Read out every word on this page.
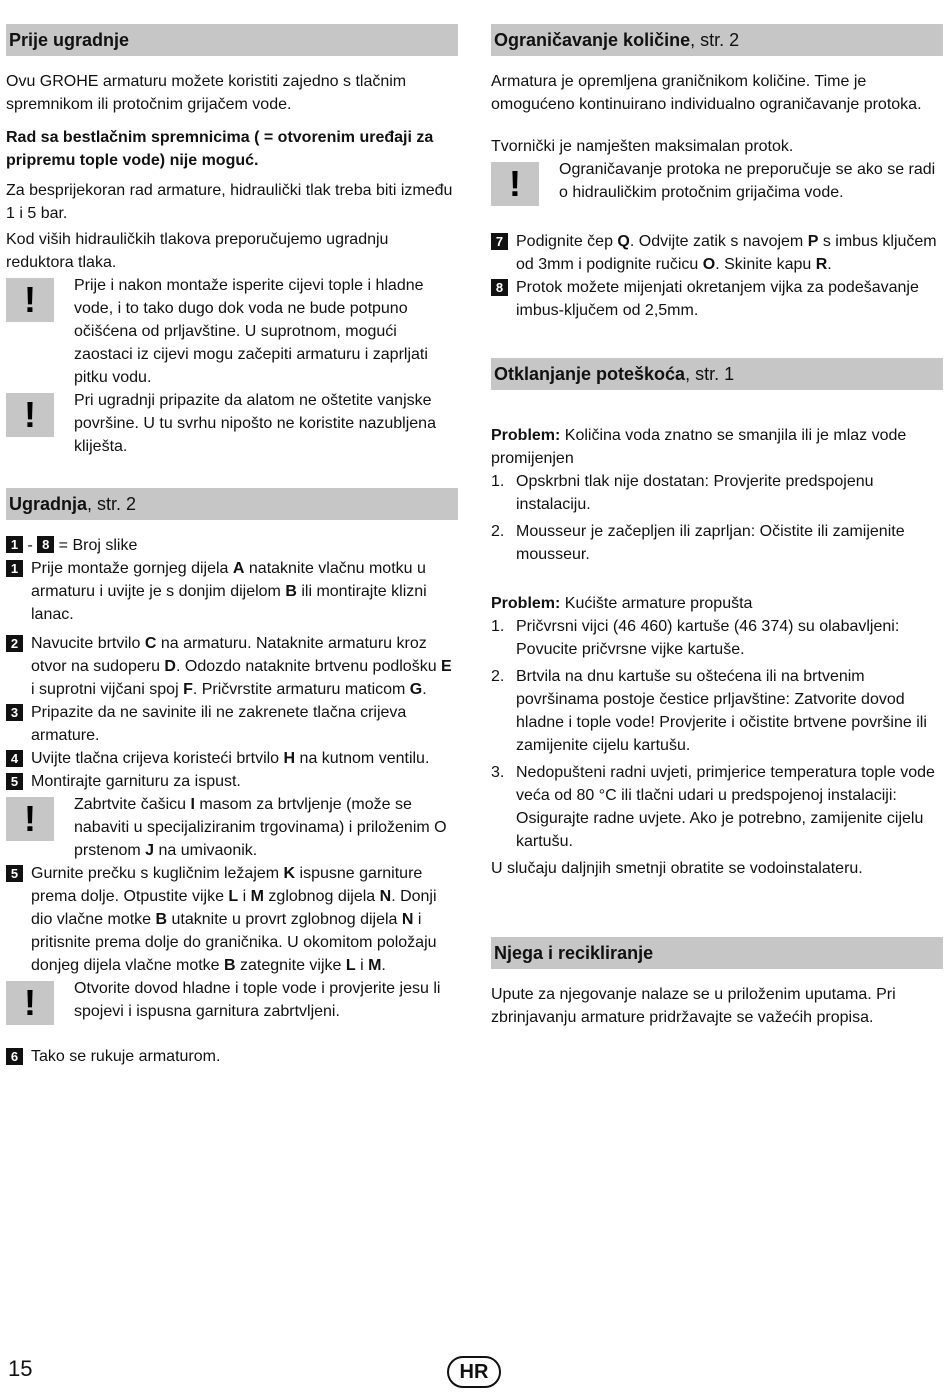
Prije ugradnje

Ovu GROHE armaturu možete koristiti zajedno s tlačnim spremnikom ili protočnim grijačem vode.

Rad sa bestlačnim spremnicima ( = otvorenim uređaji za pripremu tople vode) nije moguć.

Za besprijekoran rad armature, hidraulički tlak treba biti između 1 i 5 bar.

Kod viših hidrauličkih tlakova preporučujemo ugradnju reduktora tlaka.

!	Prije i nakon montaže isperite cijevi tople i hladne vode, i to tako dugo dok voda ne bude potpuno očišćena od prljavštine. U suprotnom, mogući zaostaci iz cijevi mogu začepiti armaturu i zaprljati pitku vodu.

!	Pri ugradnji pripazite da alatom ne oštetite vanjske površine. U tu svrhu nipošto ne koristite nazubljena kliješta.

Ugradnja, str. 2

1 - 8 = Broj slike

1 Prije montaže gornjeg dijela A nataknite vlačnu motku u armaturu i uvijte je s donjim dijelom B ili montirajte klizni lanac.

2 Navucite brtvilo C na armaturu. Nataknite armaturu kroz otvor na sudoperu D. Odozdo nataknite brtvenu podlošku E i suprotni vijčani spoj F. Pričvrstite armaturu maticom G.

3 Pripazite da ne savinite ili ne zakrenete tlačna crijeva armature.

4 Uvijte tlačna crijeva koristeći brtvilo H na kutnom ventilu.

5 Montirajte garnituru za ispust.

!	Zabrtvite čašicu I masom za brtvljenje (može se nabaviti u specijaliziranim trgovinama) i priloženim O prstenom J na umivaonik.

5 Gurnite prečku s kugličnim ležajem K ispusne garniture prema dolje. Otpustite vijke L i M zglobnog dijela N. Donji dio vlačne motke B utaknite u provrt zglobnog dijela N i pritisnite prema dolje do graničnika. U okomitom položaju donjeg dijela vlačne motke B zategnite vijke L i M.

!	Otvorite dovod hladne i tople vode i provjerite jesu li spojevi i ispusna garnitura zabrtvljeni.

6 Tako se rukuje armaturom.

Ograničavanje količine, str. 2

Armatura je opremljena graničnikom količine. Time je omogućeno kontinuirano individualno ograničavanje protoka.

Tvornički je namješten maksimalan protok.

!	Ograničavanje protoka ne preporučuje se ako se radi o hidrauličkim protočnim grijačima vode.

7 Podignite čep Q. Odvijte zatik s navojem P s imbus ključem od 3mm i podignite ručicu O. Skinite kapu R.

8 Protok možete mijenjati okretanjem vijka za podešavanje imbus-ključem od 2,5mm.

Otklanjanje poteškoća, str. 1

Problem: Količina voda znatno se smanjila ili je mlaz vode promijenjen

1. Opskrbni tlak nije dostatan: Provjerite predspojenu instalaciju.

2. Mousseur je začepljen ili zaprljan: Očistite ili zamijenite mousseur.

Problem: Kućište armature propušta

1. Pričvrsni vijci (46 460) kartuše (46 374) su olabavljeni: Povucite pričvrsne vijke kartuše.

2. Brtvila na dnu kartuše su oštećena ili na brtvenim površinama postoje čestice prljavštine: Zatvorite dovod hladne i tople vode! Provjerite i očistite brtvene površine ili zamijenite cijelu kartušu.

3. Nedopušteni radni uvjeti, primjerice temperatura tople vode veća od 80 °C ili tlačni udari u predspojenoj instalaciji: Osigurajte radne uvjete. Ako je potrebno, zamijenite cijelu kartušu.

U slučaju daljnjih smetnji obratite se vodoinstalateru.

Njega i recikliranje

Upute za njegovanje nalaze se u priloženim uputama. Pri zbrinjavanju armature pridržavajte se važećih propisa.

15	HR
